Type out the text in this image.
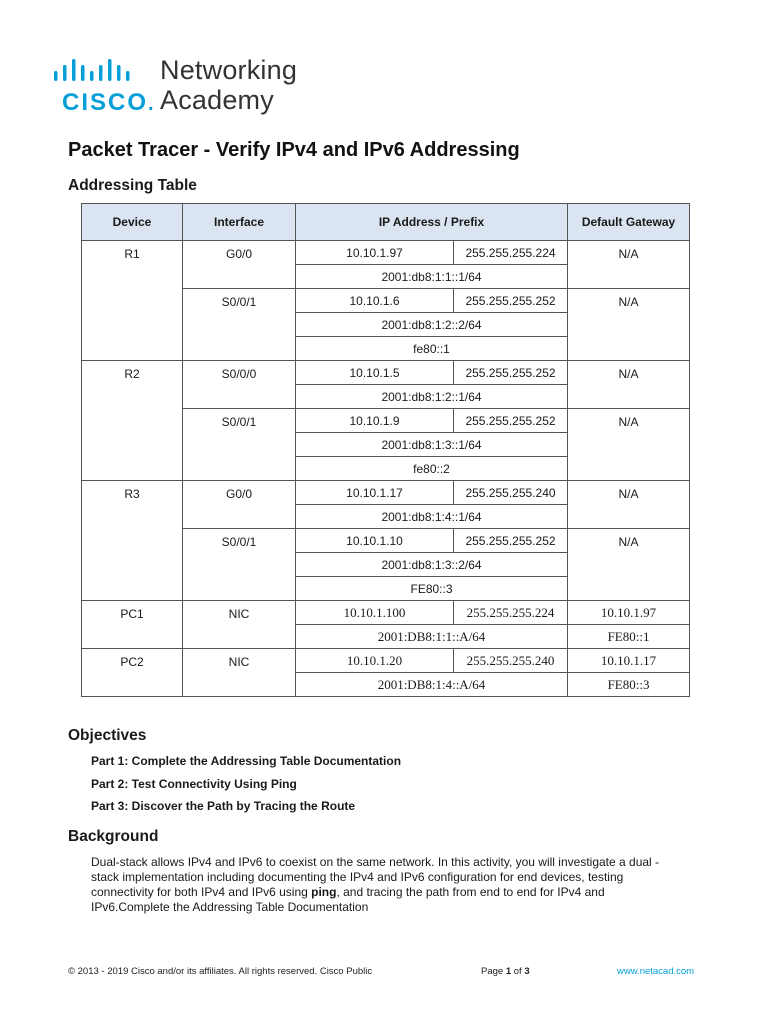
CISCO .
Networking
Academy
Packet Tracer - Verify IPv4 and IPv6 Addressing
Addressing Table
Device	Interface	IP Address / Prefix		Default Gateway
R1	G0/0	10.10.1.97	255.255.255.224	N/A
		2001:db8:1:1::1/64		
	S0/0/1	10.10.1.6	255.255.255.252	N/A
		2001:db8:1:2::2/64		
		fe80::1		
R2	S0/0/0	10.10.1.5	255.255.255.252	N/A
		2001:db8:1:2::1/64		
	S0/0/1	10.10.1.9	255.255.255.252	N/A
		2001:db8:1:3::1/64		
		fe80::2		
R3	G0/0	10.10.1.17	255.255.255.240	N/A
		2001:db8:1:4::1/64		
	S0/0/1	10.10.1.10	255.255.255.252	N/A
		2001:db8:1:3::2/64		
		FE80::3		
PC1	NIC	10.10.1.100	255.255.255.224	10.10.1.97
		2001:DB8:1:1::A/64		FE80::1
PC2	NIC	10.10.1.20	255.255.255.240	10.10.1.17
		2001:DB8:1:4::A/64		FE80::3
Objectives
Part 1: Complete the Addressing Table Documentation
Part 2: Test Connectivity Using Ping
Part 3: Discover the Path by Tracing the Route
Background
Dual-stack allows IPv4 and IPv6 to coexist on the same network. In this activity, you will investigate a dual -
stack implementation including documenting the IPv4 and IPv6 configuration for end devices, testing
connectivity for both IPv4 and IPv6 using ping, and tracing the path from end to end for IPv4 and
IPv6.Complete the Addressing Table Documentation
© 2013 - 2019 Cisco and/or its affiliates. All rights reserved. Cisco Public	Page 1 of 3	www.netacad.com
